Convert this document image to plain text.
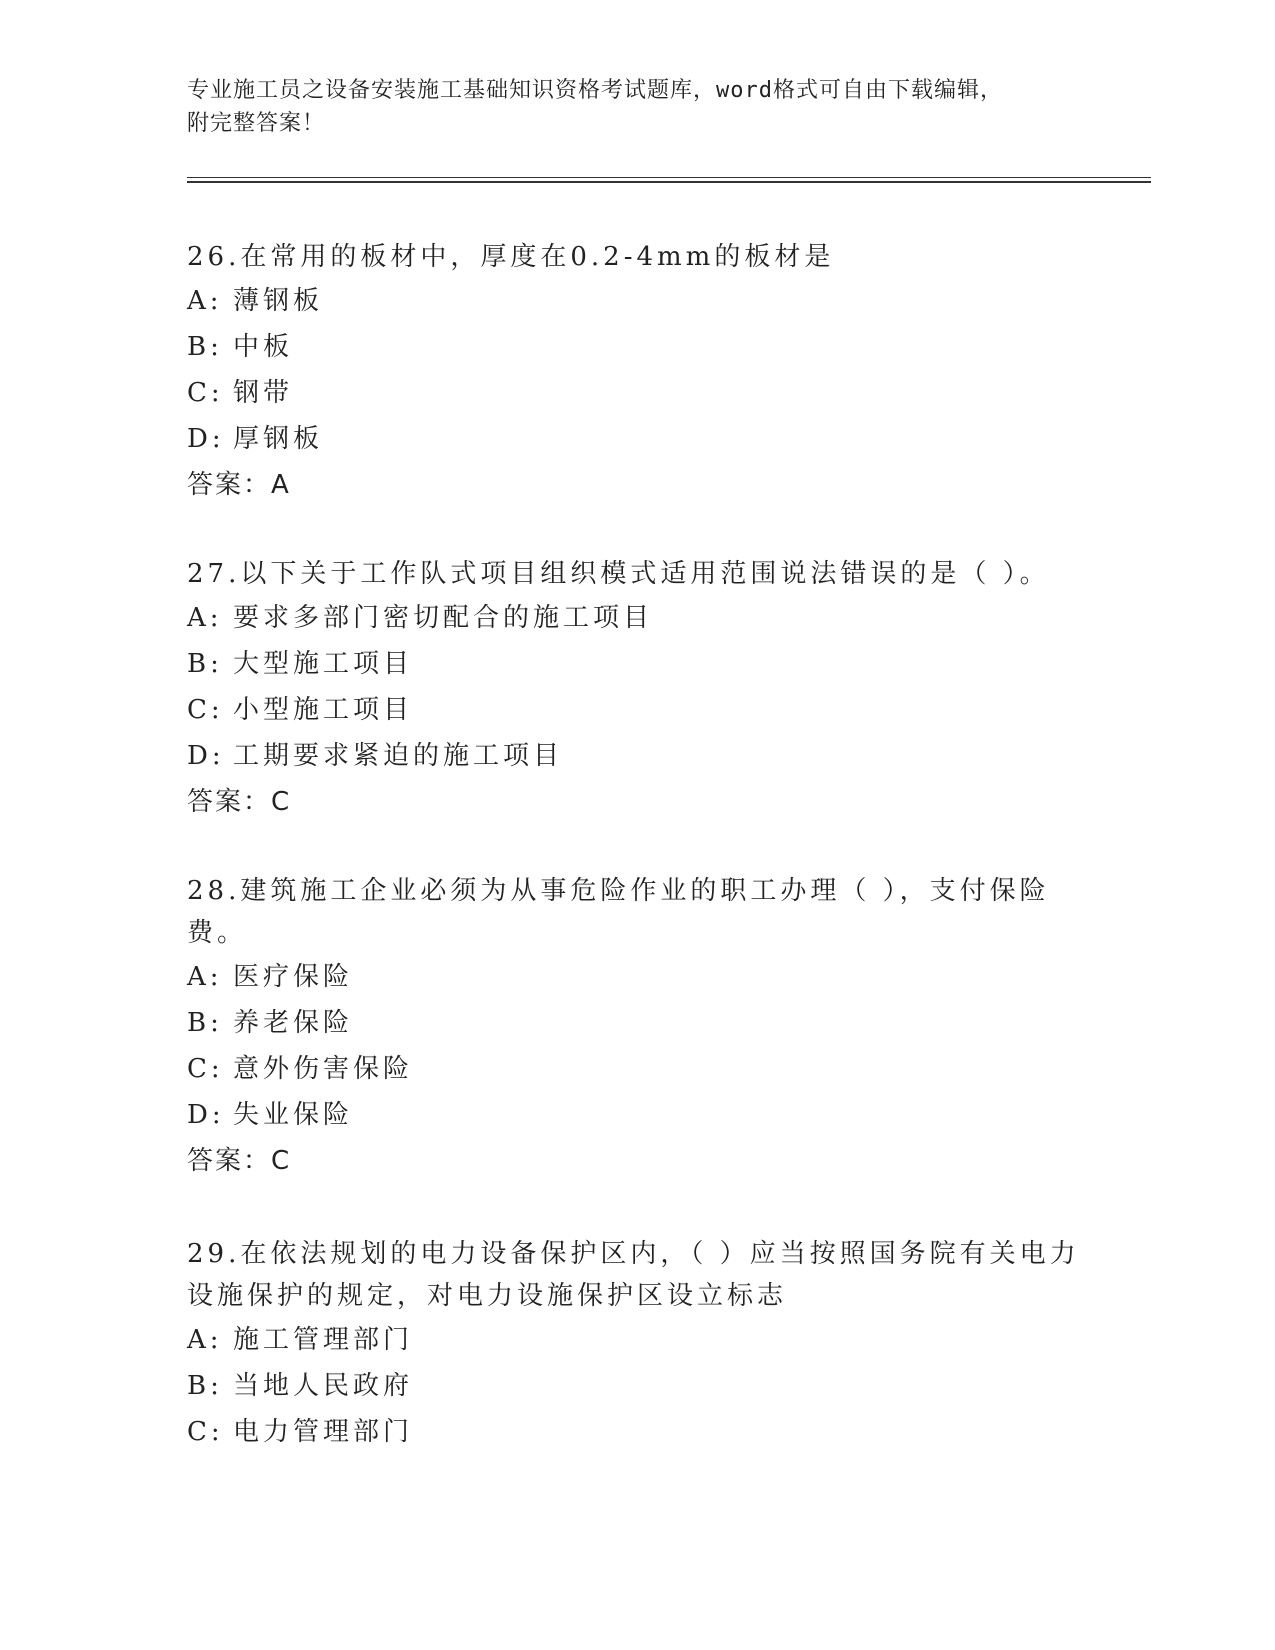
专业施工员之设备安装施工基础知识资格考试题库，word格式可自由下载编辑，
附完整答案！

26.在常用的板材中，厚度在0.2-4mm的板材是

A: 薄钢板

B: 中板

C: 钢带

D: 厚钢板

答案：A

27.以下关于工作队式项目组织模式适用范围说法错误的是（ ）。

A: 要求多部门密切配合的施工项目

B: 大型施工项目

C: 小型施工项目

D: 工期要求紧迫的施工项目

答案：C

28.建筑施工企业必须为从事危险作业的职工办理（ ），支付保险费。

A: 医疗保险

B: 养老保险

C: 意外伤害保险

D: 失业保险

答案：C

29.在依法规划的电力设备保护区内，（ ）应当按照国务院有关电力设施保护的规定，对电力设施保护区设立标志

A: 施工管理部门

B: 当地人民政府

C: 电力管理部门
